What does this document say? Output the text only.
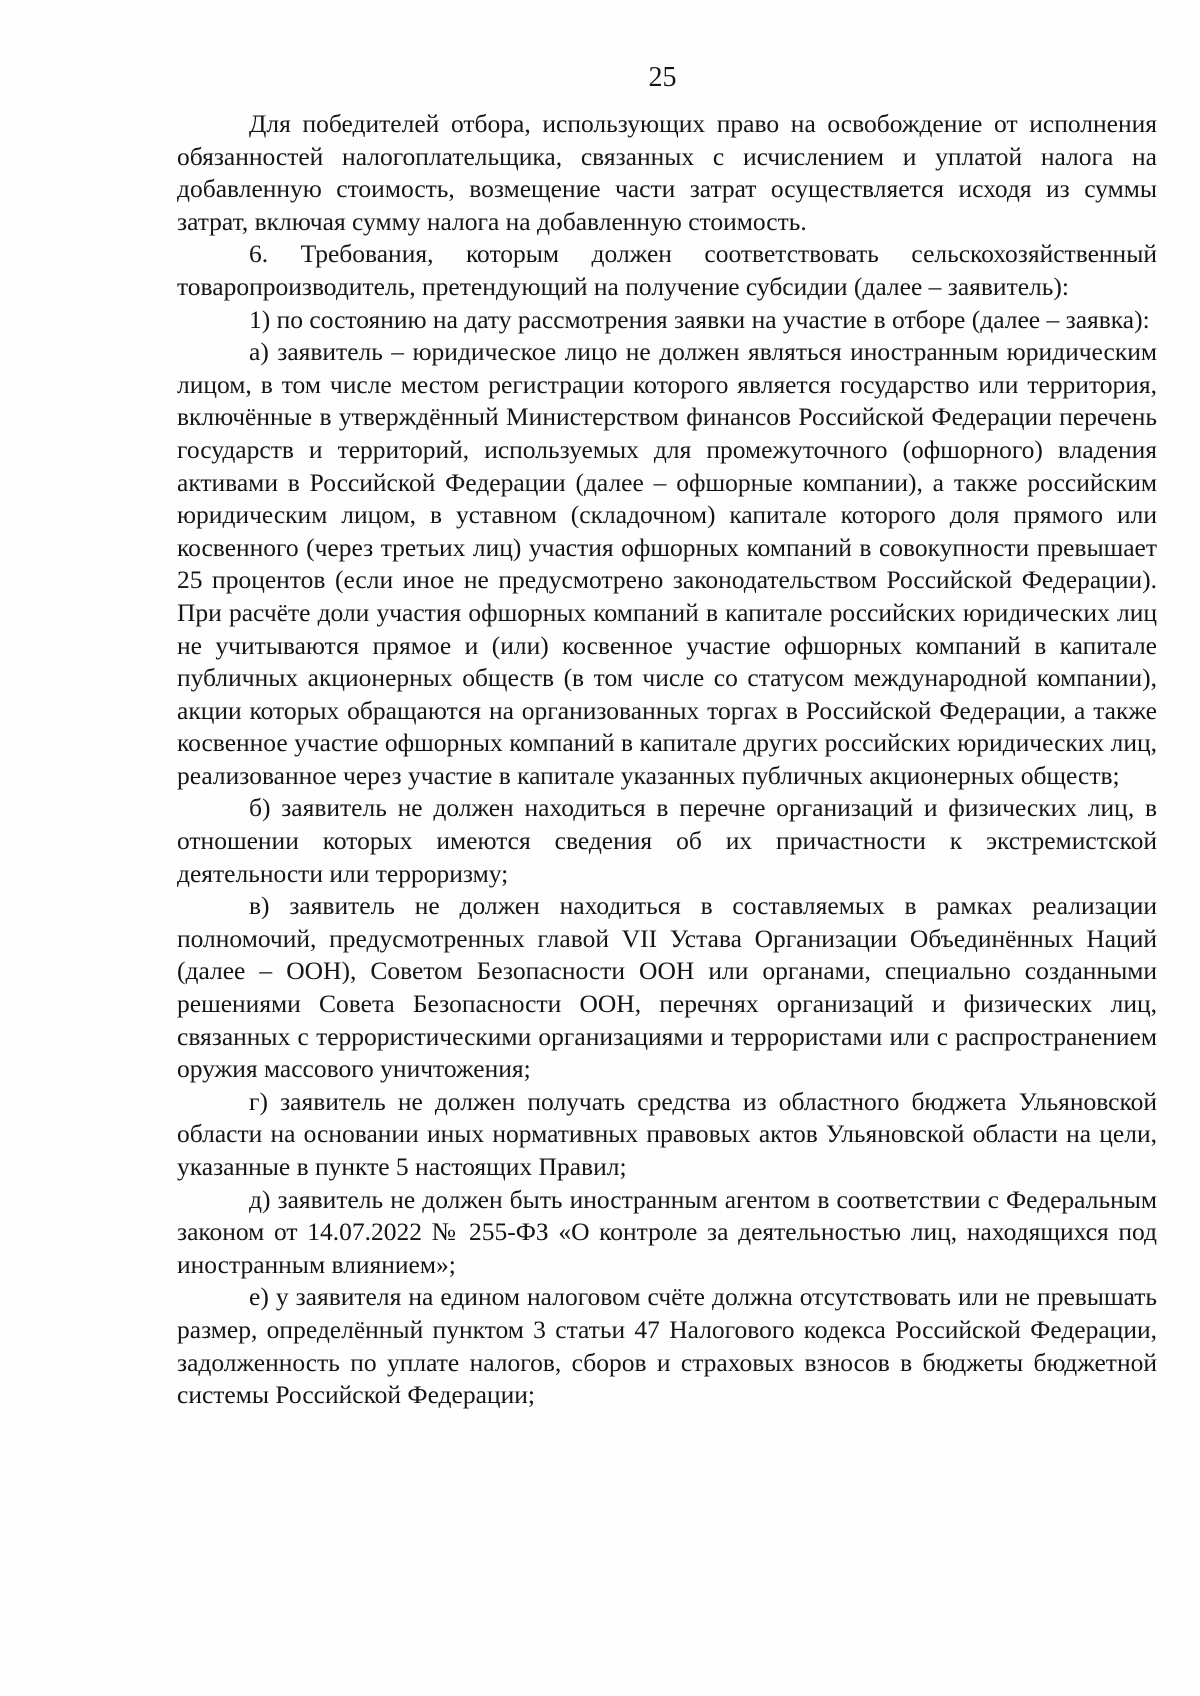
25

Для победителей отбора, использующих право на освобождение от исполнения обязанностей налогоплательщика, связанных с исчислением и уплатой налога на добавленную стоимость, возмещение части затрат осуществляется исходя из суммы затрат, включая сумму налога на добавленную стоимость.

6. Требования, которым должен соответствовать сельскохозяйственный товаропроизводитель, претендующий на получение субсидии (далее – заявитель):

1) по состоянию на дату рассмотрения заявки на участие в отборе (далее – заявка):

а) заявитель – юридическое лицо не должен являться иностранным юридическим лицом, в том числе местом регистрации которого является государство или территория, включённые в утверждённый Министерством финансов Российской Федерации перечень государств и территорий, используемых для промежуточного (офшорного) владения активами в Российской Федерации (далее – офшорные компании), а также российским юридическим лицом, в уставном (складочном) капитале которого доля прямого или косвенного (через третьих лиц) участия офшорных компаний в совокупности превышает 25 процентов (если иное не предусмотрено законодательством Российской Федерации). При расчёте доли участия офшорных компаний в капитале российских юридических лиц не учитываются прямое и (или) косвенное участие офшорных компаний в капитале публичных акционерных обществ (в том числе со статусом международной компании), акции которых обращаются на организованных торгах в Российской Федерации, а также косвенное участие офшорных компаний в капитале других российских юридических лиц, реализованное через участие в капитале указанных публичных акционерных обществ;

б) заявитель не должен находиться в перечне организаций и физических лиц, в отношении которых имеются сведения об их причастности к экстремистской деятельности или терроризму;

в) заявитель не должен находиться в составляемых в рамках реализации полномочий, предусмотренных главой VII Устава Организации Объединённых Наций (далее – ООН), Советом Безопасности ООН или органами, специально созданными решениями Совета Безопасности ООН, перечнях организаций и физических лиц, связанных с террористическими организациями и террористами или с распространением оружия массового уничтожения;

г) заявитель не должен получать средства из областного бюджета Ульяновской области на основании иных нормативных правовых актов Ульяновской области на цели, указанные в пункте 5 настоящих Правил;

д) заявитель не должен быть иностранным агентом в соответствии с Федеральным законом от 14.07.2022 № 255-ФЗ «О контроле за деятельностью лиц, находящихся под иностранным влиянием»;

е) у заявителя на едином налоговом счёте должна отсутствовать или не превышать размер, определённый пунктом 3 статьи 47 Налогового кодекса Российской Федерации, задолженность по уплате налогов, сборов и страховых взносов в бюджеты бюджетной системы Российской Федерации;
